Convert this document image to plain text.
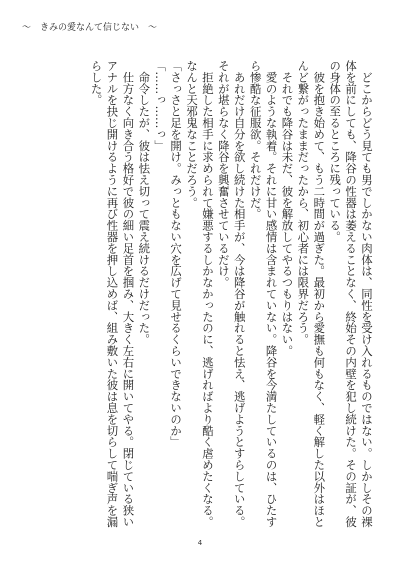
～　きみの愛なんて信じない　～

　どこからどう見ても男でしかない肉体は、同性を受け入れるものではない。しかしその裸体を前にしても、降谷の性器は萎えることなく、終始その内壁を犯し続けた。その証が、彼の身体の至るところに残っている。

　彼を抱き始めて、もう二時間が過ぎた。最初から愛撫も何もなく、軽く解した以外はほとんど繋がったままだったから、初心者には限界だろう。

　それでも降谷は未だ、彼を解放してやるつもりはない。

　愛のような執着。それに甘い感情は含まれていない。降谷を今満たしているのは、ひたすら惨酷な征服欲。それだけだ。

　あれだけ自分を欲し続けた相手が、今は降谷が触れると怯え、逃げようとすらしている。それが堪らなく降谷を興奮させているだけ。

　拒絶した相手に求められて嫌悪するしかなかったのに、逃げればより酷く虐めたくなる。なんと天邪鬼なことだろう。

「さっさと足を開け。みっともない穴を広げて見せるくらいできないのか」

「……っ……っ」

　命令したが、彼は怯え切って震え続けるだけだった。

　仕方なく向き合う格好で彼の細い足首を掴み、大きく左右に開いてやる。閉じている狭いアナルを抉じ開けるように再び性器を押し込めば、組み敷いた彼は息を切らして喘ぎ声を漏らした。

4
